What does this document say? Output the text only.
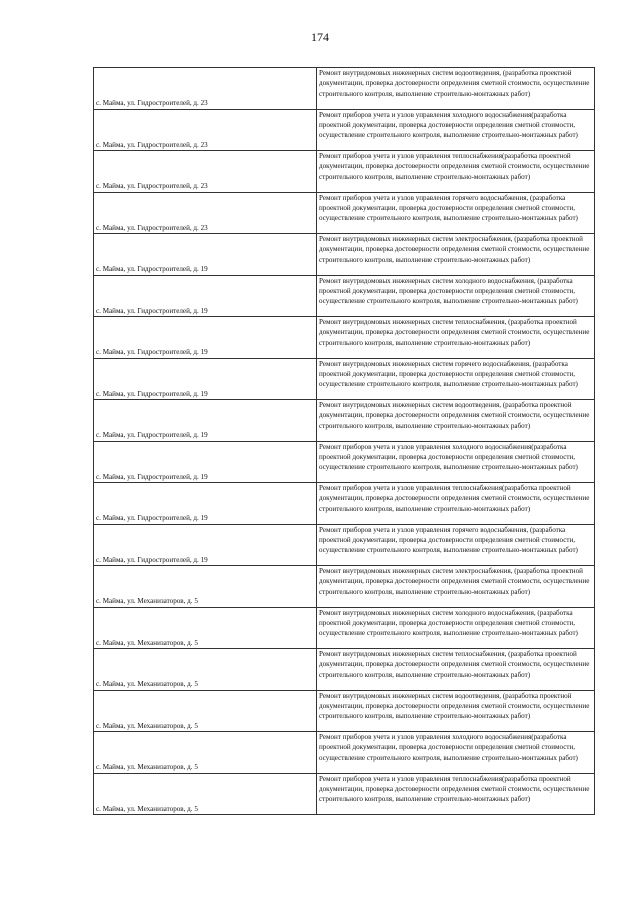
174
с. Майма, ул. Гидростроителей, д. 23	Ремонт внутридомовых инженерных систем водоотведения, (разработка проектной документации, проверка достоверности определения сметной стоимости, осуществление строительного контроля, выполнение строительно-монтажных работ)
с. Майма, ул. Гидростроителей, д. 23	Ремонт приборов учета и узлов управления холодного водоснабжения(разработка проектной документации, проверка достоверности определения сметной стоимости, осуществление строительного контроля, выполнение строительно-монтажных работ)
с. Майма, ул. Гидростроителей, д. 23	Ремонт приборов учета и узлов управления теплоснабжения(разработка проектной документации, проверка достоверности определения сметной стоимости, осуществление строительного контроля, выполнение строительно-монтажных работ)
с. Майма, ул. Гидростроителей, д. 23	Ремонт приборов учета и узлов управления горячего водоснабжения, (разработка проектной документации, проверка достоверности определения сметной стоимости, осуществление строительного контроля, выполнение строительно-монтажных работ)
с. Майма, ул. Гидростроителей, д. 19	Ремонт внутридомовых инженерных систем электроснабжения, (разработка проектной документации, проверка достоверности определения сметной стоимости, осуществление строительного контроля, выполнение строительно-монтажных работ)
с. Майма, ул. Гидростроителей, д. 19	Ремонт внутридомовых инженерных систем холодного водоснабжения, (разработка проектной документации, проверка достоверности определения сметной стоимости, осуществление строительного контроля, выполнение строительно-монтажных работ)
с. Майма, ул. Гидростроителей, д. 19	Ремонт внутридомовых инженерных систем теплоснабжения, (разработка проектной документации, проверка достоверности определения сметной стоимости, осуществление строительного контроля, выполнение строительно-монтажных работ)
с. Майма, ул. Гидростроителей, д. 19	Ремонт внутридомовых инженерных систем горячего водоснабжения, (разработка проектной документации, проверка достоверности определения сметной стоимости, осуществление строительного контроля, выполнение строительно-монтажных работ)
с. Майма, ул. Гидростроителей, д. 19	Ремонт внутридомовых инженерных систем водоотведения, (разработка проектной документации, проверка достоверности определения сметной стоимости, осуществление строительного контроля, выполнение строительно-монтажных работ)
с. Майма, ул. Гидростроителей, д. 19	Ремонт приборов учета и узлов управления холодного водоснабжения(разработка проектной документации, проверка достоверности определения сметной стоимости, осуществление строительного контроля, выполнение строительно-монтажных работ)
с. Майма, ул. Гидростроителей, д. 19	Ремонт приборов учета и узлов управления теплоснабжения(разработка проектной документации, проверка достоверности определения сметной стоимости, осуществление строительного контроля, выполнение строительно-монтажных работ)
с. Майма, ул. Гидростроителей, д. 19	Ремонт приборов учета и узлов управления горячего водоснабжения, (разработка проектной документации, проверка достоверности определения сметной стоимости, осуществление строительного контроля, выполнение строительно-монтажных работ)
с. Майма, ул. Механизаторов, д. 5	Ремонт внутридомовых инженерных систем электроснабжения, (разработка проектной документации, проверка достоверности определения сметной стоимости, осуществление строительного контроля, выполнение строительно-монтажных работ)
с. Майма, ул. Механизаторов, д. 5	Ремонт внутридомовых инженерных систем холодного водоснабжения, (разработка проектной документации, проверка достоверности определения сметной стоимости, осуществление строительного контроля, выполнение строительно-монтажных работ)
с. Майма, ул. Механизаторов, д. 5	Ремонт внутридомовых инженерных систем теплоснабжения, (разработка проектной документации, проверка достоверности определения сметной стоимости, осуществление строительного контроля, выполнение строительно-монтажных работ)
с. Майма, ул. Механизаторов, д. 5	Ремонт внутридомовых инженерных систем водоотведения, (разработка проектной документации, проверка достоверности определения сметной стоимости, осуществление строительного контроля, выполнение строительно-монтажных работ)
с. Майма, ул. Механизаторов, д. 5	Ремонт приборов учета и узлов управления холодного водоснабжения(разработка проектной документации, проверка достоверности определения сметной стоимости, осуществление строительного контроля, выполнение строительно-монтажных работ)
с. Майма, ул. Механизаторов, д. 5	Ремонт приборов учета и узлов управления теплоснабжения(разработка проектной документации, проверка достоверности определения сметной стоимости, осуществление строительного контроля, выполнение строительно-монтажных работ)
